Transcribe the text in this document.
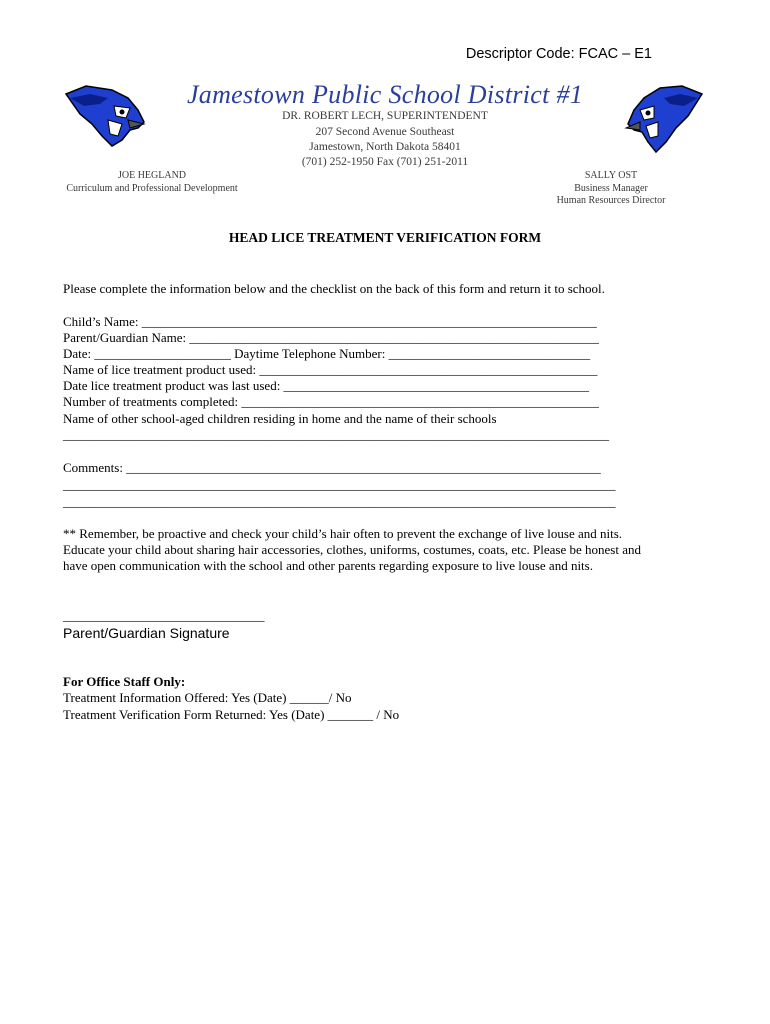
Descriptor Code: FCAC – E1
Jamestown Public School District #1
DR. ROBERT LECH, SUPERINTENDENT
207 Second Avenue Southeast
Jamestown, North Dakota 58401
(701) 252-1950 Fax (701) 251-2011
JOE HEGLAND
Curriculum and Professional Development
SALLY OST
Business Manager
Human Resources Director
HEAD LICE TREATMENT VERIFICATION FORM
Please complete the information below and the checklist on the back of this form and return it to school.
Child’s Name: ______________________________________________________________________
Parent/Guardian Name: _______________________________________________________________
Date: _____________________ Daytime Telephone Number: _______________________________
Name of lice treatment product used: ____________________________________________________
Date lice treatment product was last used: _______________________________________________
Number of treatments completed: _______________________________________________________
Name of other school-aged children residing in home and the name of their schools
____________________________________________________________________________________
Comments: _________________________________________________________________________
_____________________________________________________________________________________
_____________________________________________________________________________________
** Remember, be proactive and check your child’s hair often to prevent the exchange of live louse and nits.
Educate your child about sharing hair accessories, clothes, uniforms, costumes, coats, etc. Please be honest and
have open communication with the school and other parents regarding exposure to live louse and nits.
_______________________________
Parent/Guardian Signature
For Office Staff Only:
Treatment Information Offered: Yes (Date) ______/ No
Treatment Verification Form Returned: Yes (Date) _______ / No
